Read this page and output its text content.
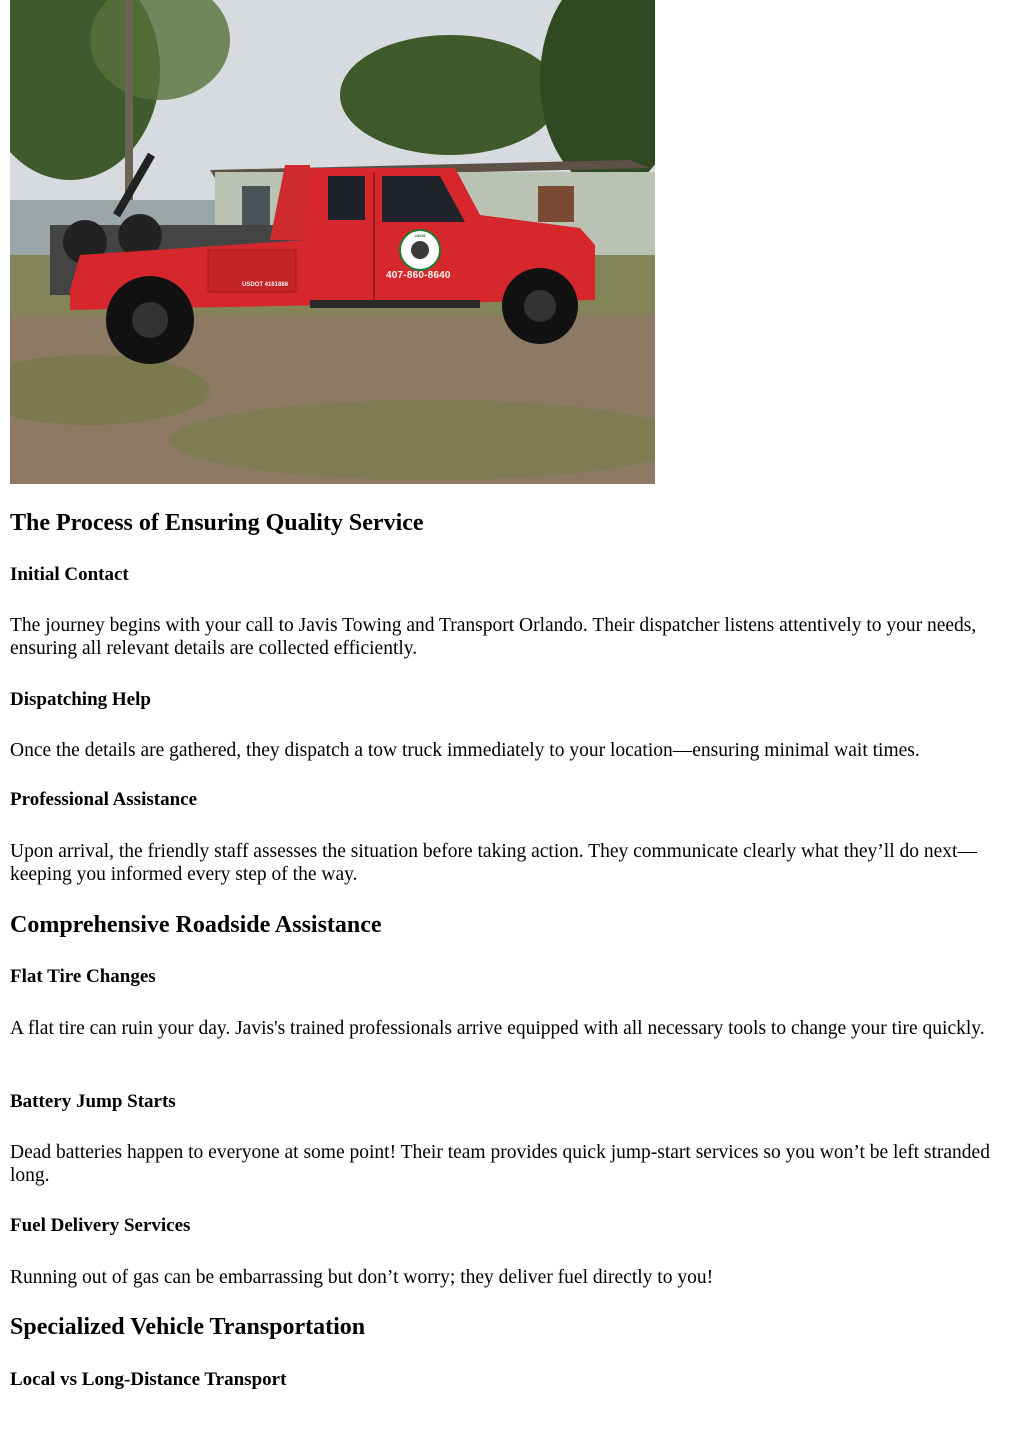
JAVIS
407-860-8640
USDOT 4161886
The Process of Ensuring Quality Service
Initial Contact

The journey begins with your call to Javis Towing and Transport Orlando. Their dispatcher listens attentively to your needs, ensuring all relevant details are collected efficiently.

Dispatching Help

Once the details are gathered, they dispatch a tow truck immediately to your location—ensuring minimal wait times.

Professional Assistance

Upon arrival, the friendly staff assesses the situation before taking action. They communicate clearly what they’ll do next—keeping you informed every step of the way.

Comprehensive Roadside Assistance
Flat Tire Changes

A flat tire can ruin your day. Javis's trained professionals arrive equipped with all necessary tools to change your tire quickly.

Battery Jump Starts

Dead batteries happen to everyone at some point! Their team provides quick jump-start services so you won’t be left stranded long.

Fuel Delivery Services

Running out of gas can be embarrassing but don’t worry; they deliver fuel directly to you!

Specialized Vehicle Transportation
Local vs Long-Distance Transport
